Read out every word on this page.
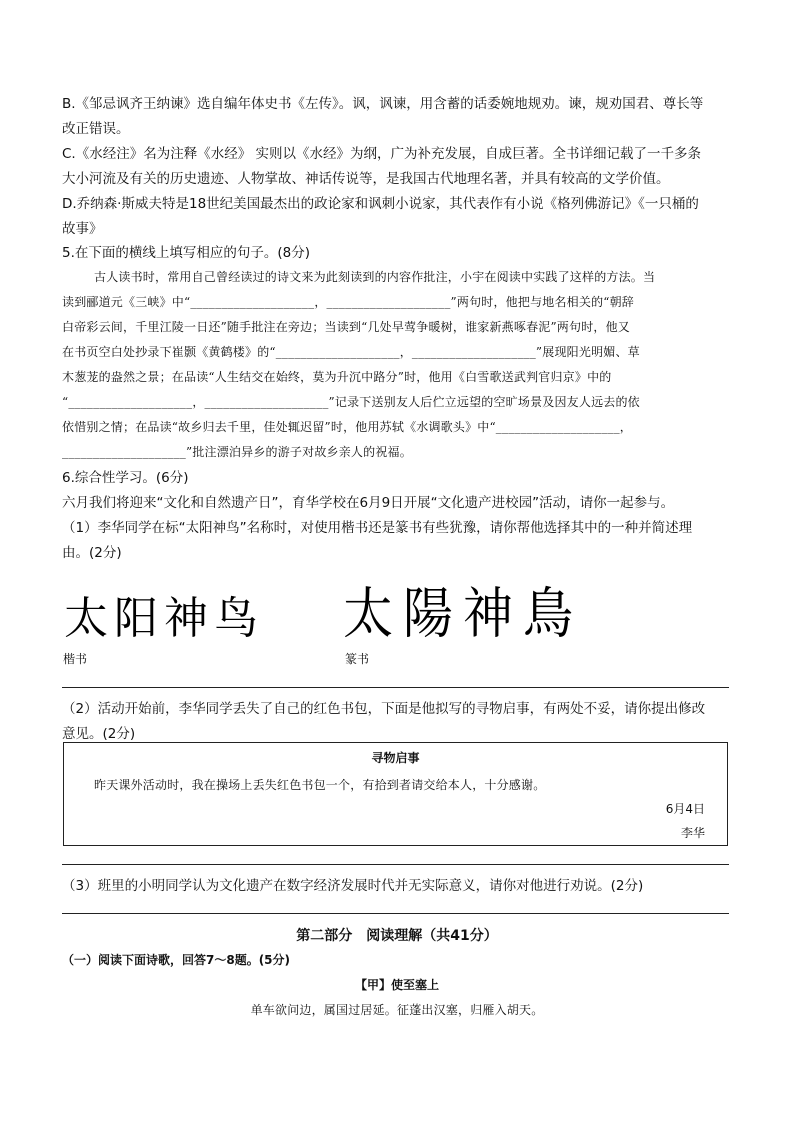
B.《邹忌讽齐王纳谏》选自编年体史书《左传》。讽，讽谏，用含蓄的话委婉地规劝。谏，规劝国君、尊长等
改正错误。
C.《水经注》名为注释《水经》 实则以《水经》为纲，广为补充发展，自成巨著。全书详细记载了一千多条
大小河流及有关的历史遗迹、人物掌故、神话传说等，是我国古代地理名著，并具有较高的文学价值。
D.乔纳森·斯威夫特是18世纪美国最杰出的政论家和讽刺小说家，其代表作有小说《格列佛游记》《一只桶的
故事》
5.在下面的横线上填写相应的句子。(8分)
古人读书时，常用自己曾经读过的诗文来为此刻读到的内容作批注，小宇在阅读中实践了这样的方法。当
读到郦道元《三峡》中“____________________，____________________”两句时，他把与地名相关的“朝辞
白帝彩云间，千里江陵一日还”随手批注在旁边；当读到“几处早莺争暖树，谁家新燕啄春泥”两句时，他又
在书页空白处抄录下崔颢《黄鹤楼》的“____________________，____________________”展现阳光明媚、草
木葱茏的盎然之景；在品读“人生结交在始终，莫为升沉中路分”时，他用《白雪歌送武判官归京》中的
“____________________，____________________”记录下送别友人后伫立远望的空旷场景及因友人远去的依
依惜别之情；在品读“故乡归去千里，佳处辄迟留”时，他用苏轼《水调歌头》中“____________________，
____________________”批注漂泊异乡的游子对故乡亲人的祝福。
6.综合性学习。(6分)
六月我们将迎来“文化和自然遗产日”，育华学校在6月9日开展“文化遗产进校园”活动，请你一起参与。
（1）李华同学在标“太阳神鸟”名称时，对使用楷书还是篆书有些犹豫，请你帮他选择其中的一种并简述理
由。(2分)
太阳神鸟 太陽神鳥
楷书	篆书
（2）活动开始前，李华同学丢失了自己的红色书包，下面是他拟写的寻物启事，有两处不妥，请你提出修改
意见。(2分)
寻物启事
昨天课外活动时，我在操场上丢失红色书包一个，有拾到者请交给本人，十分感谢。
6月4日
李华
（3）班里的小明同学认为文化遗产在数字经济发展时代并无实际意义，请你对他进行劝说。(2分)
第二部分　阅读理解（共41分）
（一）阅读下面诗歌，回答7～8题。(5分)
【甲】使至塞上
单车欲问边，属国过居延。征蓬出汉塞，归雁入胡天。
